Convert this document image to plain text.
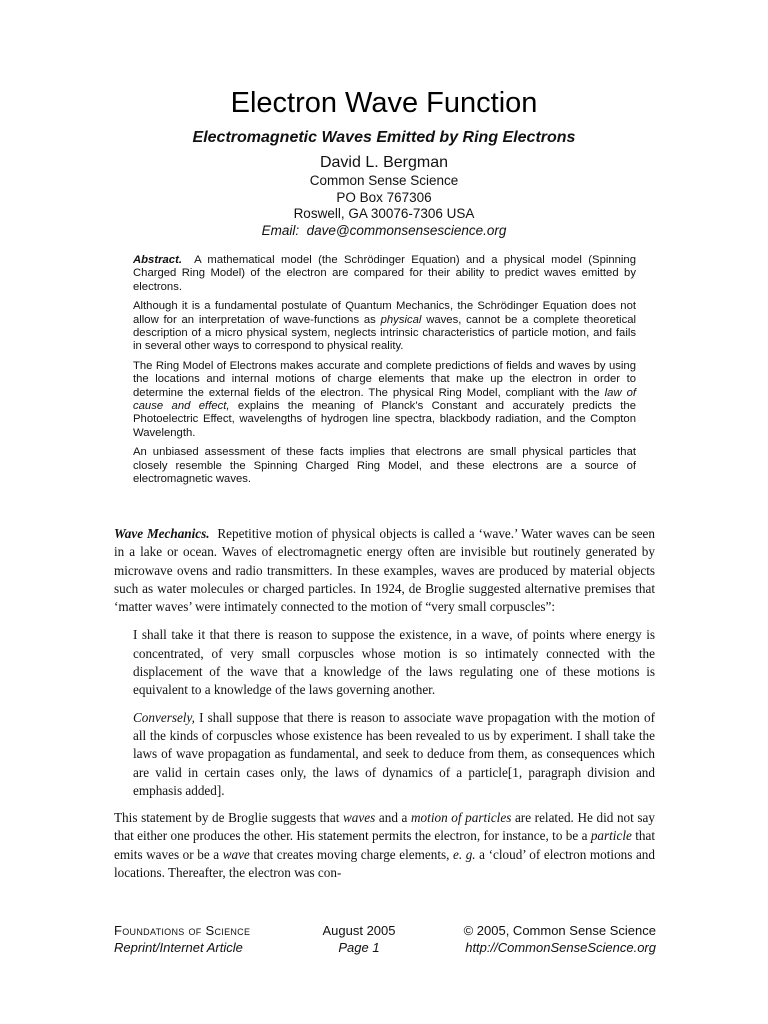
Electron Wave Function
Electromagnetic Waves Emitted by Ring Electrons
David L. Bergman
Common Sense Science
PO Box 767306
Roswell, GA 30076-7306 USA
Email: dave@commonsensescience.org

Abstract. A mathematical model (the Schrödinger Equation) and a physical model (Spinning Charged Ring Model) of the electron are compared for their ability to predict waves emitted by electrons.

Although it is a fundamental postulate of Quantum Mechanics, the Schrödinger Equation does not allow for an interpretation of wave-functions as physical waves, cannot be a complete theoretical description of a micro physical system, neglects intrinsic characteristics of particle motion, and fails in several other ways to correspond to physical reality.

The Ring Model of Electrons makes accurate and complete predictions of fields and waves by using the locations and internal motions of charge elements that make up the electron in order to determine the external fields of the electron. The physical Ring Model, compliant with the law of cause and effect, explains the meaning of Planck’s Constant and accurately predicts the Photoelectric Effect, wavelengths of hydrogen line spectra, blackbody radiation, and the Compton Wavelength.

An unbiased assessment of these facts implies that electrons are small physical particles that closely resemble the Spinning Charged Ring Model, and these electrons are a source of electromagnetic waves.

Wave Mechanics. Repetitive motion of physical objects is called a ‘wave.’ Water waves can be seen in a lake or ocean. Waves of electromagnetic energy often are invisible but routinely generated by microwave ovens and radio transmitters. In these examples, waves are produced by material objects such as water molecules or charged particles. In 1924, de Broglie suggested alternative premises that ‘matter waves’ were intimately connected to the motion of “very small corpuscles”:

I shall take it that there is reason to suppose the existence, in a wave, of points where energy is concentrated, of very small corpuscles whose motion is so intimately connected with the displacement of the wave that a knowledge of the laws regulating one of these motions is equivalent to a knowledge of the laws governing another.

Conversely, I shall suppose that there is reason to associate wave propagation with the motion of all the kinds of corpuscles whose existence has been revealed to us by experiment. I shall take the laws of wave propagation as fundamental, and seek to deduce from them, as consequences which are valid in certain cases only, the laws of dynamics of a particle[1, paragraph division and emphasis added].

This statement by de Broglie suggests that waves and a motion of particles are related. He did not say that either one produces the other. His statement permits the electron, for instance, to be a particle that emits waves or be a wave that creates moving charge elements, e. g. a ‘cloud’ of electron motions and locations. Thereafter, the electron was con-

Foundations of Science
Reprint/Internet Article
August 2005
Page 1
© 2005, Common Sense Science
http://CommonSenseScience.org
